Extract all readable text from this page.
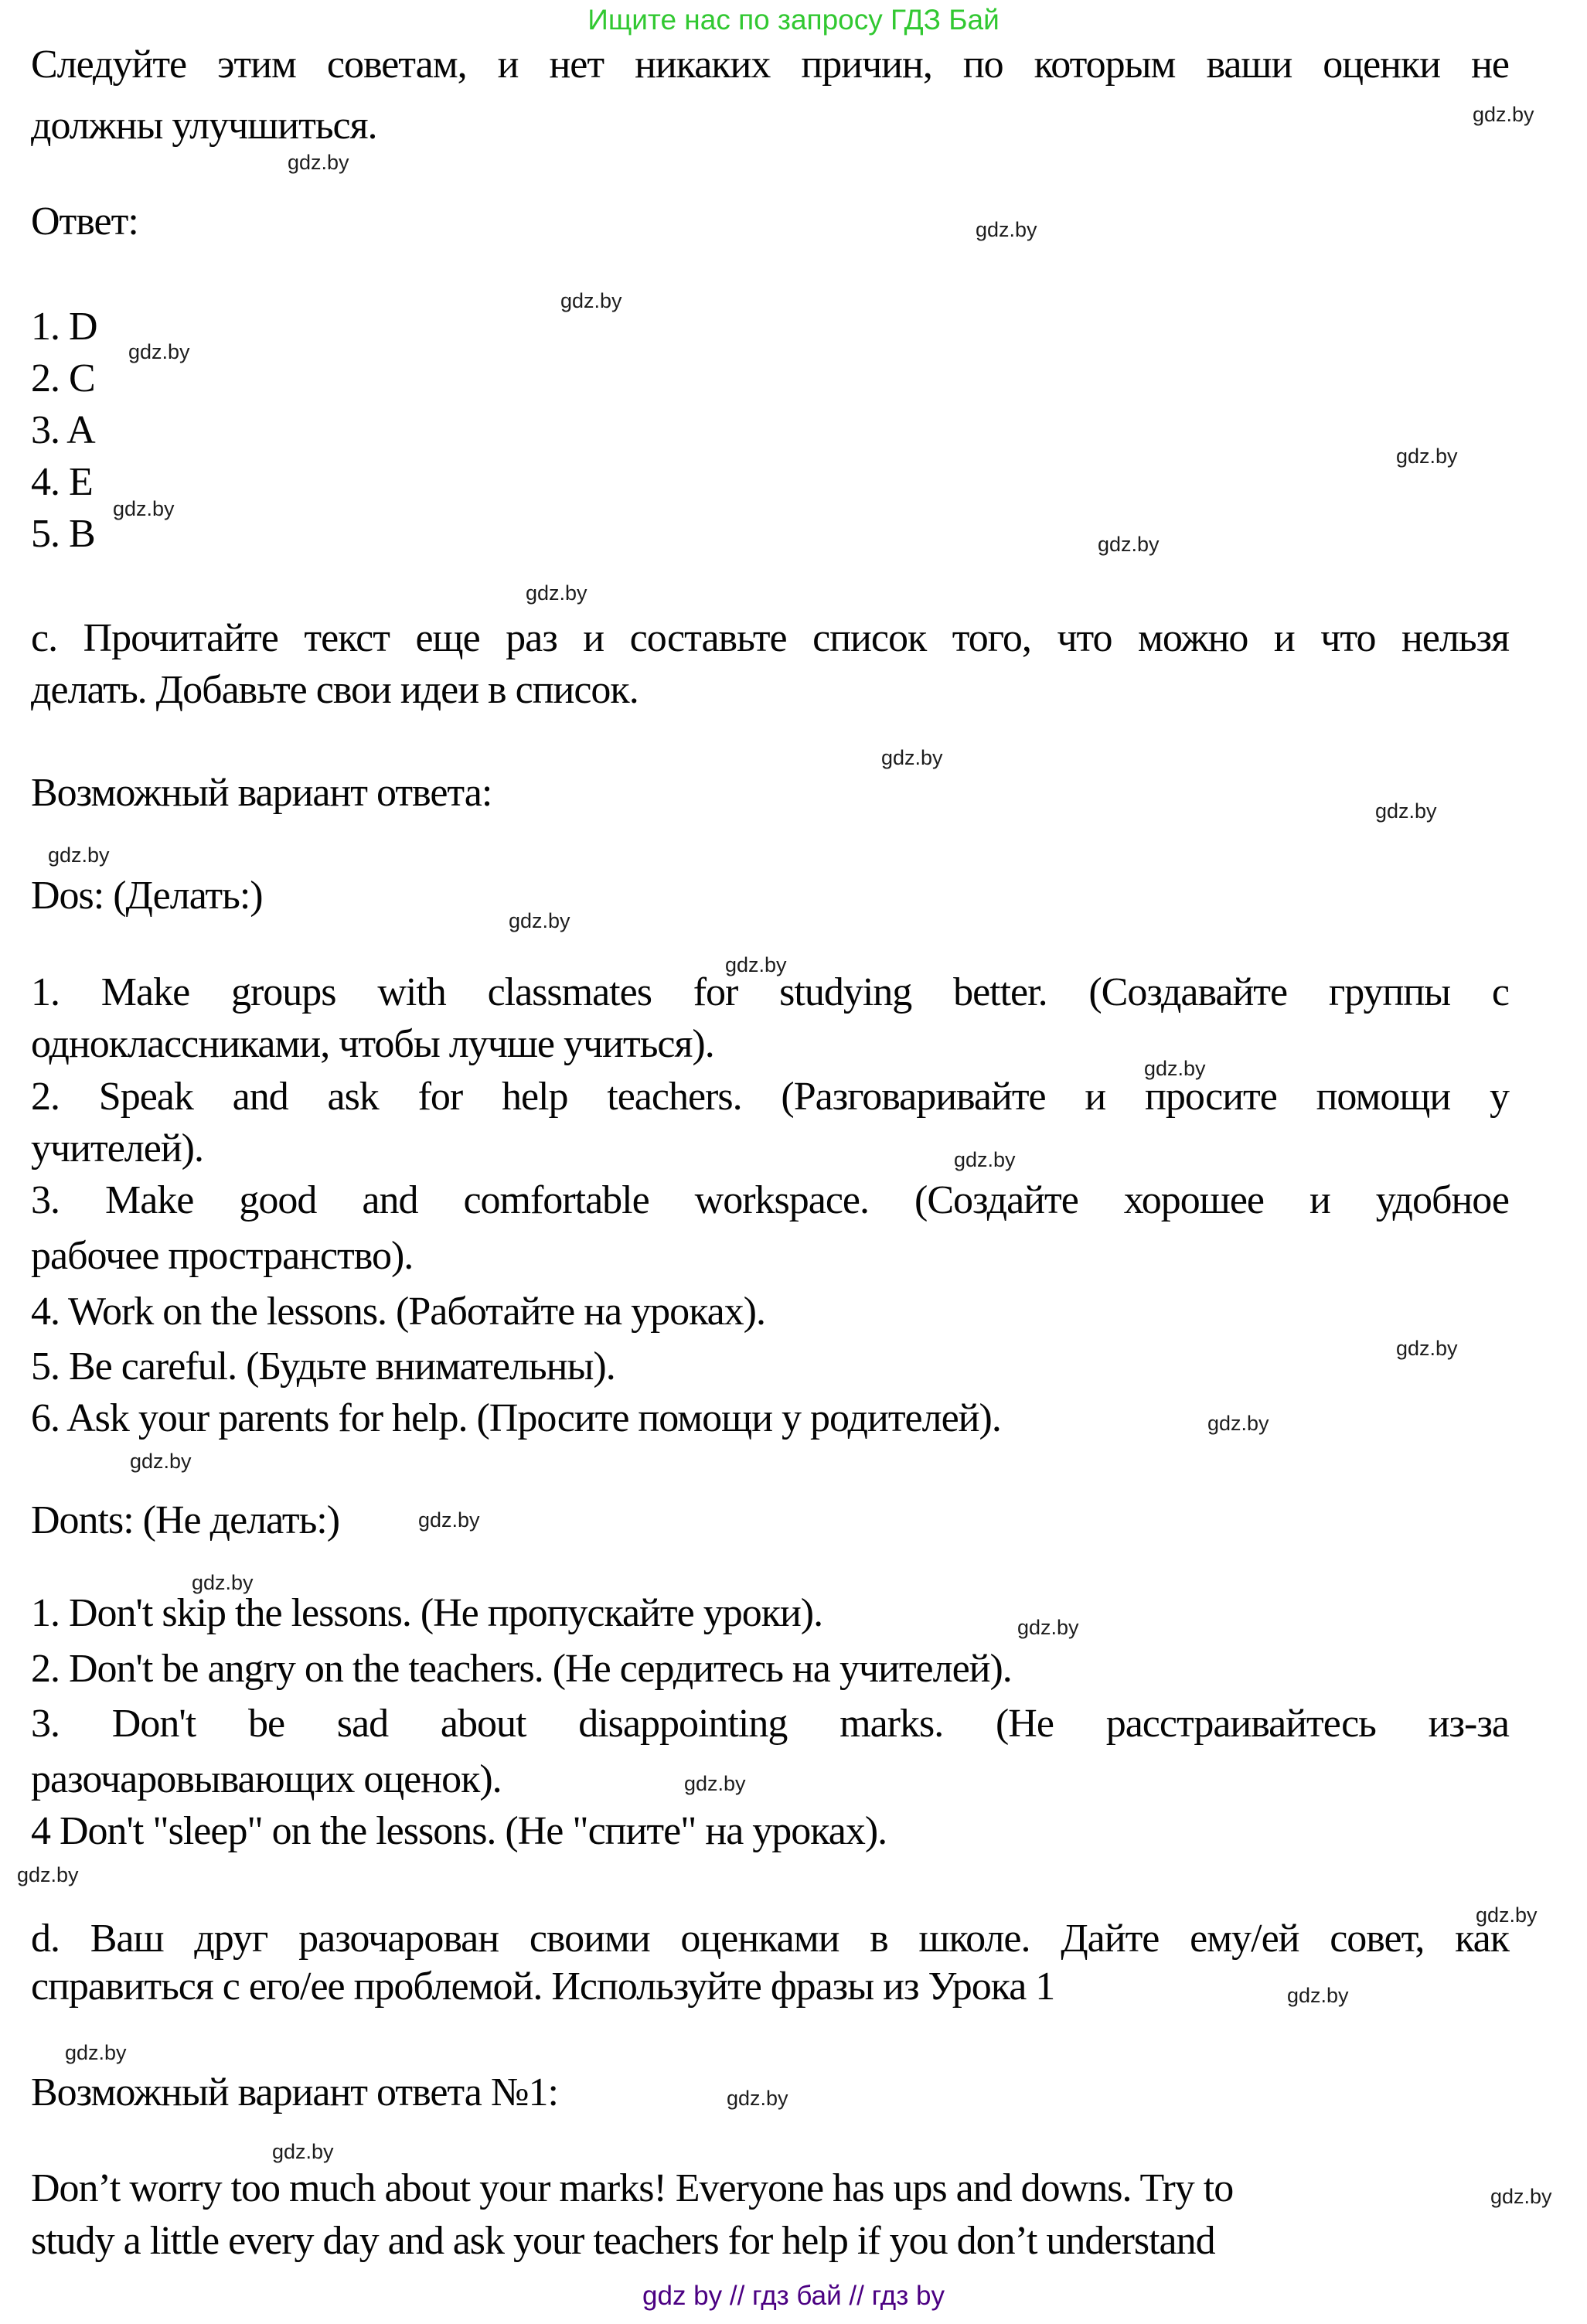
Ищите нас по запросу ГДЗ Бай
Следуйте этим советам, и нет никаких причин, по которым ваши оценки не
должны улучшиться.
Ответ:
1. D
2. C
3. A
4. E
5. B
c. Прочитайте текст еще раз и составьте список того, что можно и что нельзя
делать. Добавьте свои идеи в список.
Возможный вариант ответа:
Dos: (Делать:)
1. Make groups with classmates for studying better. (Создавайте группы с
одноклассниками, чтобы лучше учиться).
2. Speak and ask for help teachers. (Разговаривайте и просите помощи у
учителей).
3. Make good and comfortable workspace. (Создайте хорошее и удобное
рабочее пространство).
4. Work on the lessons. (Работайте на уроках).
5. Be careful. (Будьте внимательны).
6. Ask your parents for help. (Просите помощи у родителей).
Donts: (Не делать:)
1. Don't skip the lessons. (Не пропускайте уроки).
2. Don't be angry on the teachers. (Не сердитесь на учителей).
3. Don't be sad about disappointing marks. (Не расстраивайтесь из-за
разочаровывающих оценок).
4 Don't "sleep" on the lessons. (Не "спите" на уроках).
d. Ваш друг разочарован своими оценками в школе. Дайте ему/ей совет, как
справиться с его/ее проблемой. Используйте фразы из Урока 1
Возможный вариант ответа №1:
Don’t worry too much about your marks! Everyone has ups and downs. Try to
study a little every day and ask your teachers for help if you don’t understand
gdz.by
gdz.by
gdz.by
gdz.by
gdz.by
gdz.by
gdz.by
gdz.by
gdz.by
gdz.by
gdz.by
gdz.by
gdz.by
gdz.by
gdz.by
gdz.by
gdz.by
gdz.by
gdz.by
gdz.by
gdz.by
gdz.by
gdz.by
gdz.by
gdz.by
gdz.by
gdz.by
gdz.by
gdz.by
gdz.by
gdz by // гдз бай // гдз by
